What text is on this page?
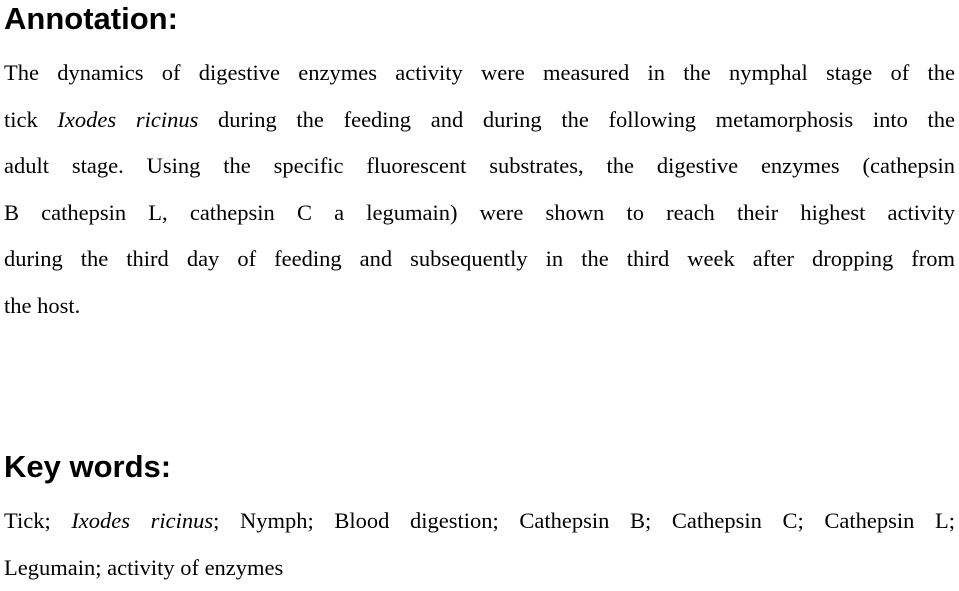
Annotation:
The dynamics of digestive enzymes activity were measured in the nymphal stage of the
tick Ixodes ricinus during the feeding and during the following metamorphosis into the
adult stage. Using the specific fluorescent substrates, the digestive enzymes (cathepsin
B cathepsin L, cathepsin C a legumain) were shown to reach their highest activity
during the third day of feeding and subsequently in the third week after dropping from
the host.
Key words:
Tick; Ixodes ricinus; Nymph; Blood digestion; Cathepsin B; Cathepsin C; Cathepsin L;
Legumain; activity of enzymes
